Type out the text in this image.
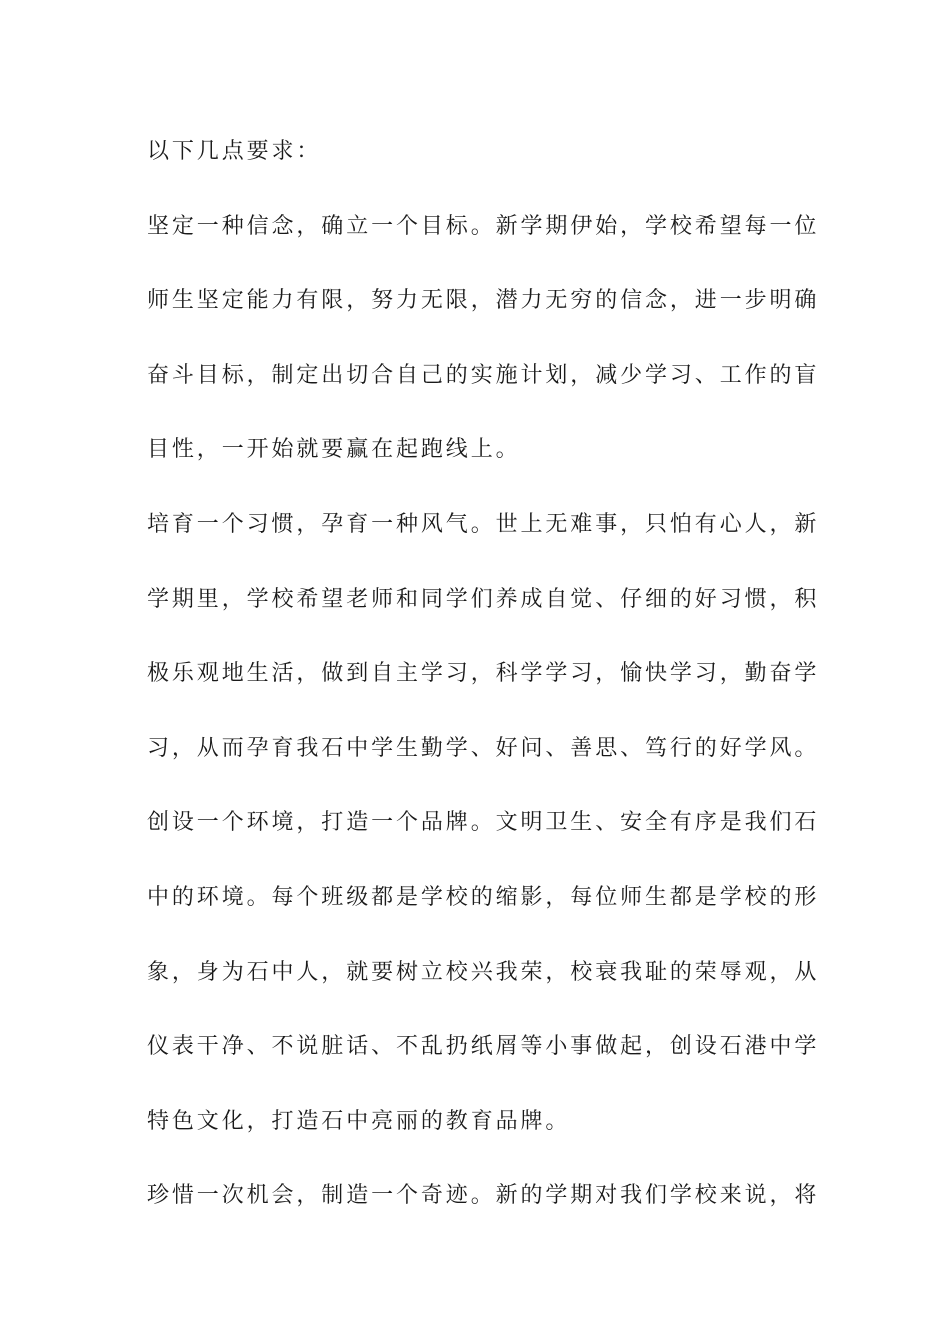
以下几点要求：
坚定一种信念，确立一个目标。新学期伊始，学校希望每一位
师生坚定能力有限，努力无限，潜力无穷的信念，进一步明确
奋斗目标，制定出切合自己的实施计划，减少学习、工作的盲
目性，一开始就要赢在起跑线上。
培育一个习惯，孕育一种风气。世上无难事，只怕有心人，新
学期里，学校希望老师和同学们养成自觉、仔细的好习惯，积
极乐观地生活，做到自主学习，科学学习，愉快学习，勤奋学
习，从而孕育我石中学生勤学、好问、善思、笃行的好学风。
创设一个环境，打造一个品牌。文明卫生、安全有序是我们石
中的环境。每个班级都是学校的缩影，每位师生都是学校的形
象，身为石中人，就要树立校兴我荣，校衰我耻的荣辱观，从
仪表干净、不说脏话、不乱扔纸屑等小事做起，创设石港中学
特色文化，打造石中亮丽的教育品牌。
珍惜一次机会，制造一个奇迹。新的学期对我们学校来说，将
